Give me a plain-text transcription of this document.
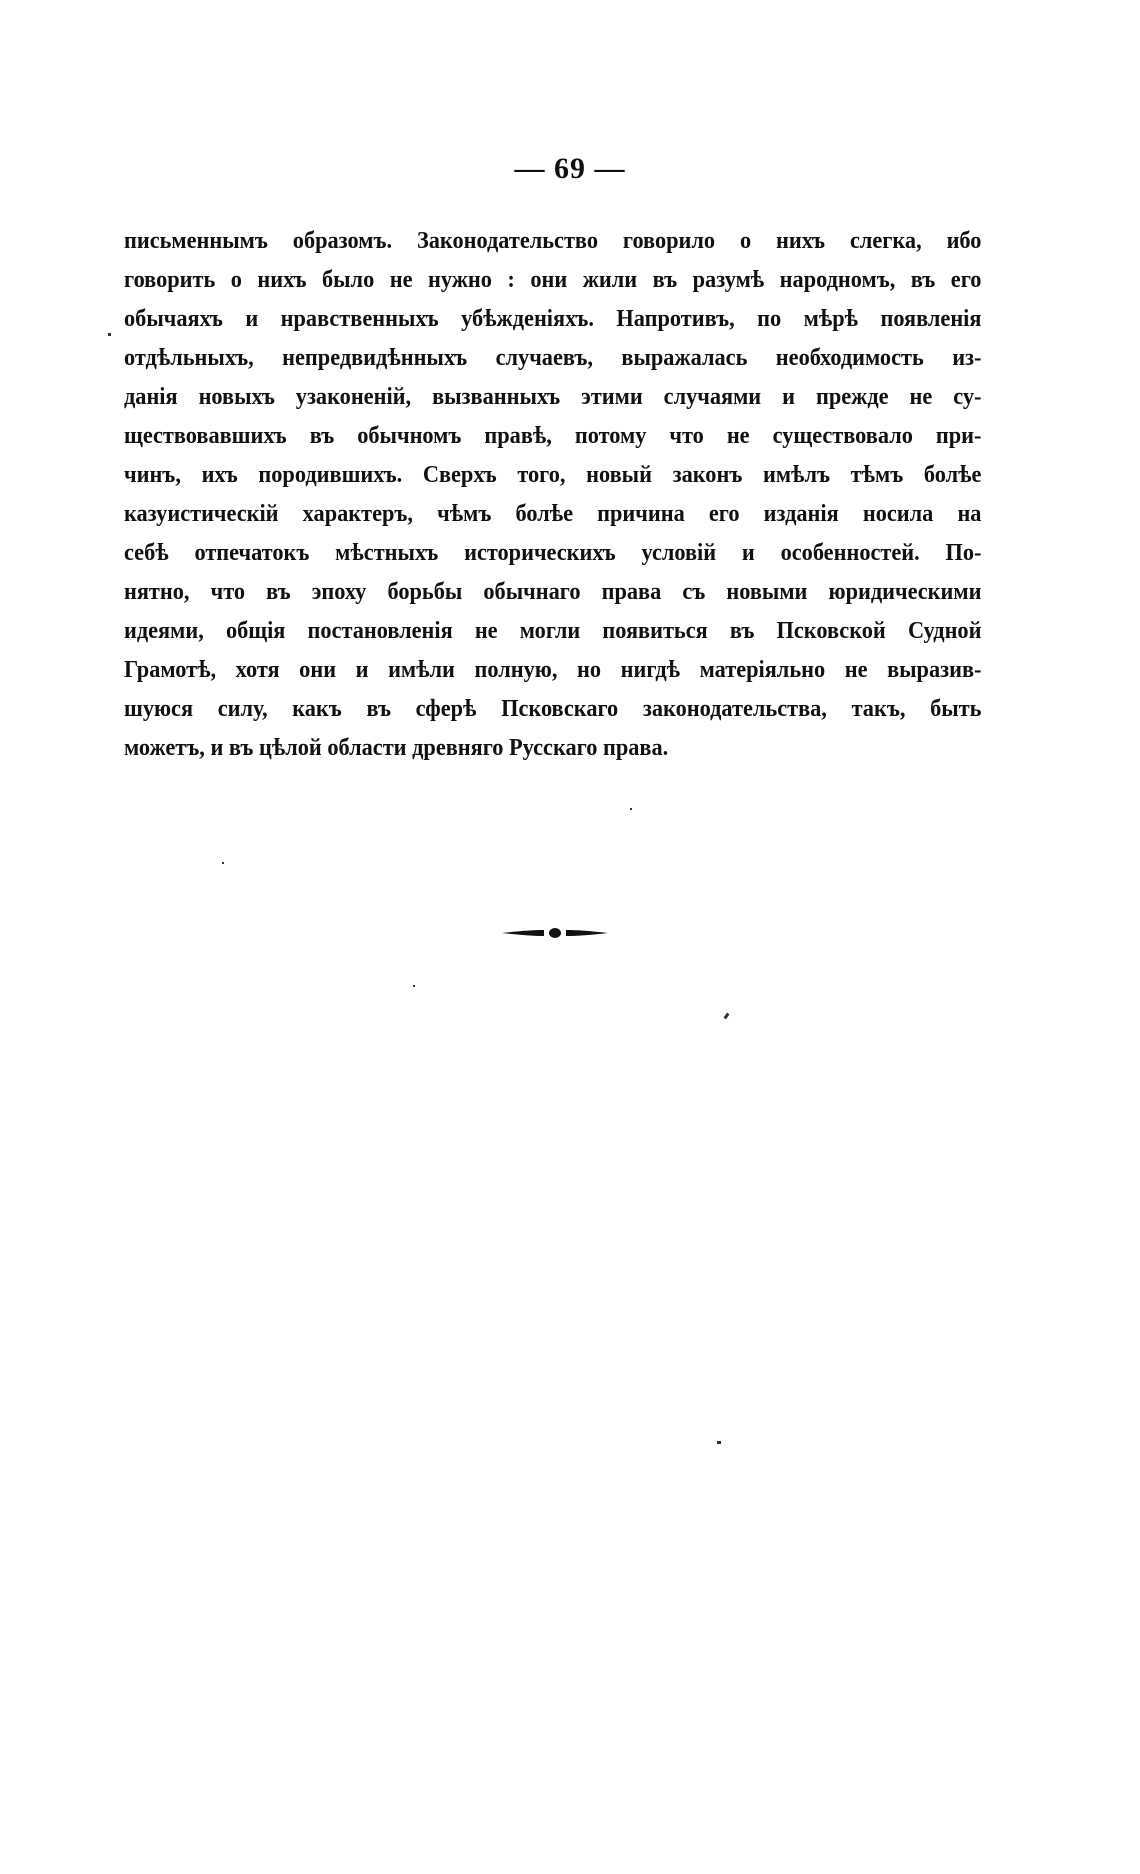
— 69 —
письменнымъ образомъ. Законодательство говорило о нихъ слегка, ибо
говорить о нихъ было не нужно : они жили въ разумѣ народномъ, въ его
обычаяхъ и нравственныхъ убѣжденіяхъ. Напротивъ, по мѣрѣ появленія
отдѣльныхъ, непредвидѣнныхъ случаевъ, выражалась необходимость из-
данія новыхъ узаконеній, вызванныхъ этими случаями и прежде не су-
ществовавшихъ въ обычномъ правѣ, потому что не существовало при-
чинъ, ихъ породившихъ. Сверхъ того, новый законъ имѣлъ тѣмъ болѣе
казуистическій характеръ, чѣмъ болѣе причина его изданія носила на
себѣ отпечатокъ мѣстныхъ историческихъ условій и особенностей. По-
нятно, что въ эпоху борьбы обычнаго права съ новыми юридическими
идеями, общія постановленія не могли появиться въ Псковской Судной
Грамотѣ, хотя они и имѣли полную, но нигдѣ матеріяльно не выразив-
шуюся силу, какъ въ сферѣ Псковскаго законодательства, такъ, быть
можетъ, и въ цѣлой области древняго Русскаго права.
